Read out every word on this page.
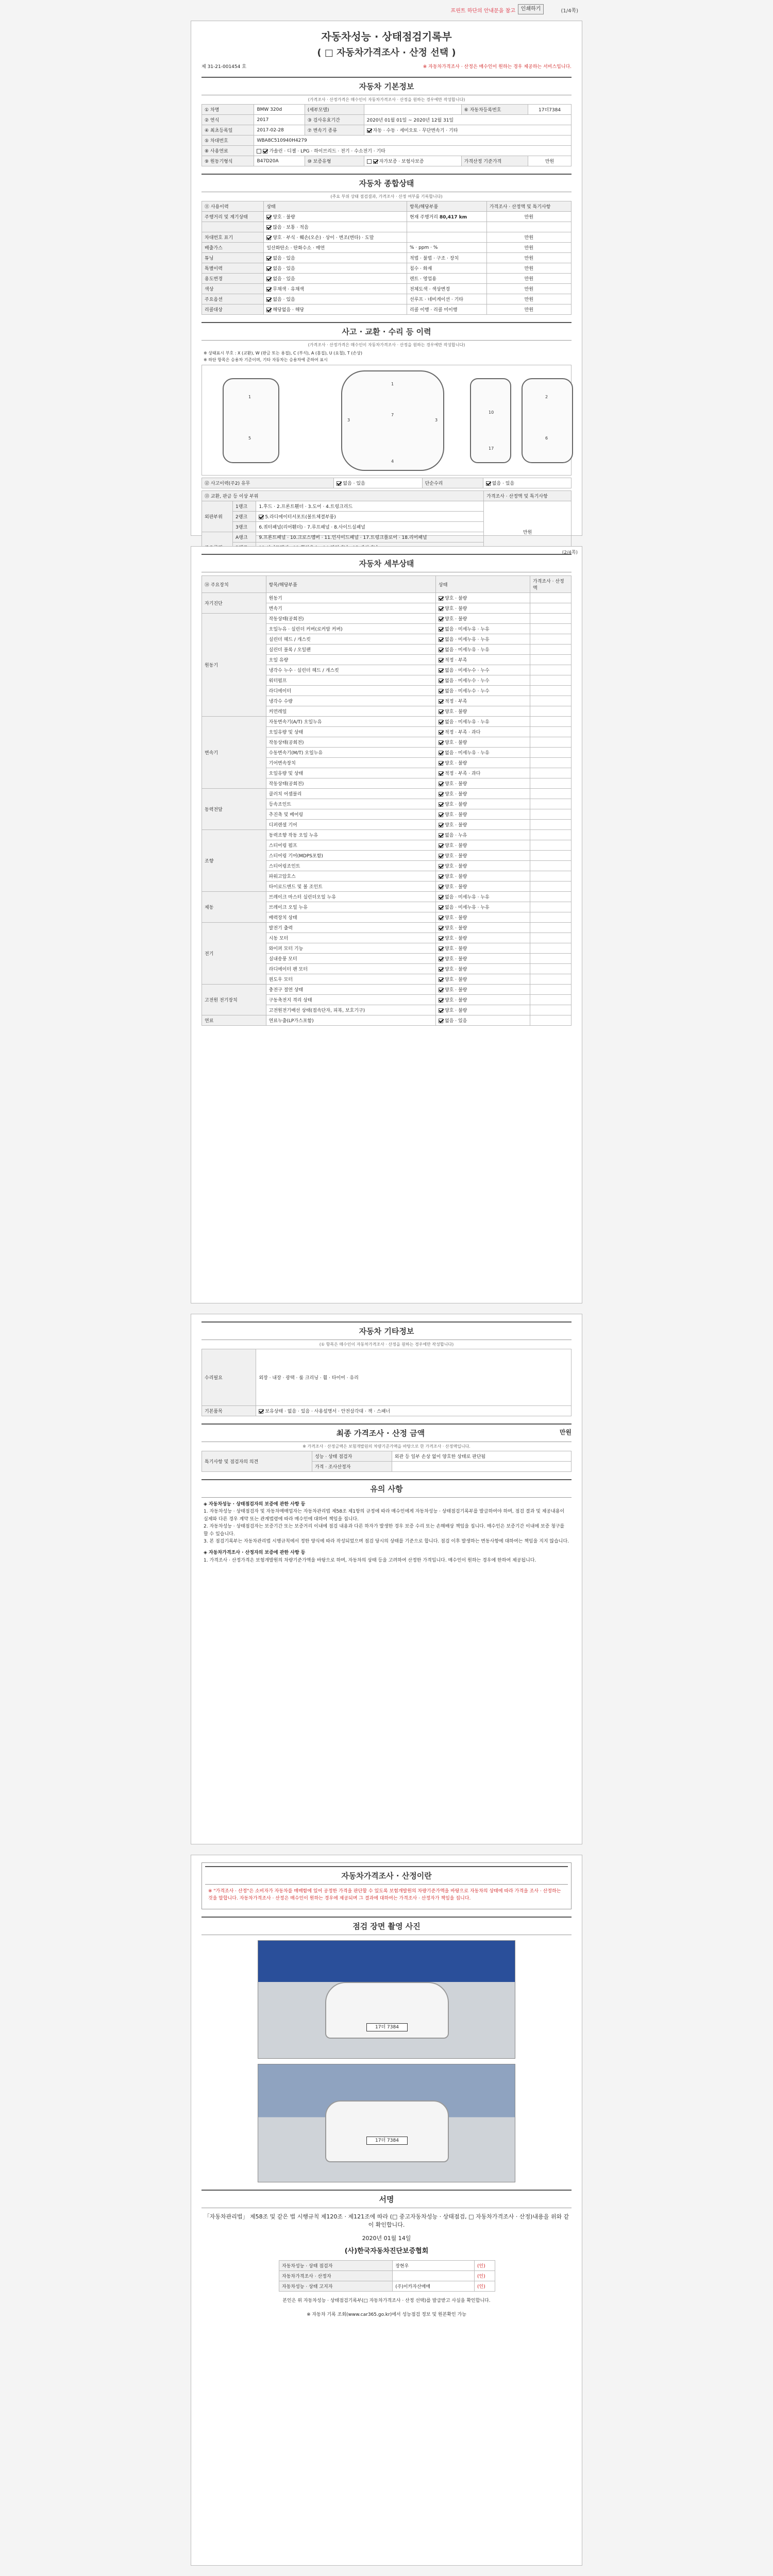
프린트 하단의 안내문을 참고	인쇄하기	(1/4쪽)
자동차성능 · 상태점검기록부
( □ 자동차가격조사 · 산정 선택 )
제 31-21-001454 호	※ 자동차가격조사 · 산정은 매수인이 원하는 경우 제공하는 서비스입니다.
자동차 기본정보
(가격조사 · 산정가격은 매수인이 자동차가격조사 · 산정을 원하는 경우에만 작성합니다)
① 차명	BMW 320d	(세부모델)		⑥ 자동차등록번호	17더7384
② 연식	2017	③ 검사유효기간	2020년 01월 01일 ~ 2020년 12월 31일		
④ 최초등록일	2017-02-28	⑦ 변속기 종류	자동 · 수동 · 세미오토 · 무단변속기 · 기타		
⑤ 차대번호	WBA8C510940H4279				
⑧ 사용연료	가솔린 · 디젤 · LPG · 하이브리드 · 전기 · 수소전기 · 기타				
⑨ 원동기형식	B47D20A	⑩ 보증유형	자가보증 · 보험사보증	가격산정 기준가격	만원
자동차 종합상태
(주요 부위 상태 점검결과, 가격조사 · 산정 여부를 기록합니다)
⑪ 사용이력	상태	항목/해당부품	가격조사 · 산정액 및 특기사항
주행거리 및 계기상태	양호 · 불량	현재 주행거리 80,417 km	만원
	많음 · 보통 · 적음		
차대번호 표기	양호 · 부식 · 훼손(오손) · 상이 · 변조(변타) · 도말		만원
배출가스	일산화탄소 · 탄화수소 · 매연	% · ppm · %	만원
튜닝	없음 · 있음	적법 · 불법 · 구조 · 장치	만원
특별이력	없음 · 있음	침수 · 화재	만원
용도변경	없음 · 있음	렌트 · 영업용	만원
색상	무채색 · 유채색	전체도색 · 색상변경	만원
주요옵션	없음 · 있음	선루프 · 네비게이션 · 기타	만원
리콜대상	해당없음 · 해당	리콜 이행 · 리콜 미이행	만원
사고 · 교환 · 수리 등 이력
(가격조사 · 산정가격은 매수인이 자동차가격조사 · 산정을 원하는 경우에만 작성합니다)
※ 상태표시 부호 : X (교환), W (판금 또는 용접), C (부식), A (흠집), U (요철), T (손상)
※ 하단 항목은 승용차 기준이며, 기타 자동차는 승용차에 준하여 표시
1
5
1
7
4
3	3
10
17
2
6
⑫ 사고이력(주2) 유무	없음 · 있음	단순수리	없음 · 있음
⑬ 교환, 판금 등 이상 부위			가격조사 · 산정액 및 특기사항
외판부위	1랭크	1.후드 · 2.프론트휀더 · 3.도어 · 4.트렁크리드	만원
	2랭크	5.라디에이터서포트(볼트체결부품)	
	3랭크	6.쿼터패널(리어휀더) · 7.루프패널 · 8.사이드실패널	
	A랭크	9.프론트패널 · 10.크로스멤버 · 11.인사이드패널 · 17.트렁크플로어 · 18.리어패널	

(2/4쪽)
자동차 세부상태
⑭ 주요장치	항목/해당부품	상태	가격조사 · 산정액
자기진단	원동기	양호 · 불량	
	변속기	양호 · 불량	
원동기	작동상태(공회전)	양호 · 불량	
	오일누유 · 실린더 커버(로커암 커버)	없음 · 미세누유 · 누유	
	실린더 헤드 / 개스킷	없음 · 미세누유 · 누유	
	실린더 블록 / 오일팬	없음 · 미세누유 · 누유	
	오일 유량	적정 · 부족	
	냉각수 누수 · 실린더 헤드 / 개스킷	없음 · 미세누수 · 누수	
	워터펌프	없음 · 미세누수 · 누수	
	라디에이터	없음 · 미세누수 · 누수	
	냉각수 수량	적정 · 부족	
	커먼레일	양호 · 불량	
변속기	자동변속기(A/T) 오일누유	없음 · 미세누유 · 누유	
	오일유량 및 상태	적정 · 부족 · 과다	
	작동상태(공회전)	양호 · 불량	
	수동변속기(M/T) 오일누유	없음 · 미세누유 · 누유	
	기어변속장치	양호 · 불량	
	오일유량 및 상태	적정 · 부족 · 과다	
	작동상태(공회전)	양호 · 불량	
동력전달	클러치 어셈블리	양호 · 불량	
	등속조인트	양호 · 불량	
	추진축 및 베어링	양호 · 불량	
	디퍼렌셜 기어	양호 · 불량	
조향	동력조향 작동 오일 누유	없음 · 누유	
	스티어링 펌프	양호 · 불량	
	스티어링 기어(MDPS포함)	양호 · 불량	
	스티어링조인트	양호 · 불량	
	파워고압호스	양호 · 불량	
	타이로드엔드 및 볼 조인트	양호 · 불량	
제동	브레이크 마스터 실린더오일 누유	없음 · 미세누유 · 누유	
	브레이크 오일 누유	없음 · 미세누유 · 누유	
	배력장치 상태	양호 · 불량	
전기	발전기 출력	양호 · 불량	
	시동 모터	양호 · 불량	
	와이퍼 모터 기능	양호 · 불량	
	실내송풍 모터	양호 · 불량	
	라디에이터 팬 모터	양호 · 불량	
	윈도우 모터	양호 · 불량	
고전원 전기장치	충전구 절연 상태	양호 · 불량	
	구동축전지 격리 상태	양호 · 불량	
	고전원전기배선 상태(접속단자, 피복, 보호기구)	양호 · 불량	
연료	연료누출(LP가스포함)	없음 · 있음	
자동차 기타정보
(① 항목은 매수인이 자동차가격조사 · 산정을 원하는 경우에만 작성합니다)
수리필요	외장 · 내장 · 광택 · 룸 크리닝 · 휠 · 타이어 · 유리
기본품목	보유상태 · 없음 · 있음 · 사용설명서 · 안전삼각대 · 잭 · 스패너
최종 가격조사 · 산정 금액	만원
※ 가격조사 · 산정금액은 보험개발원의 차량기준가액을 바탕으로 한 가격조사 · 산정액입니다.
특기사항 및 점검자의 의견	성능 · 상태 점검자	외관 등 일부 손상 없이 양호한 상태로 판단됨
	가격 · 조사산정자	
유의 사항

◈ 자동차성능 · 상태점검자의 보증에 관한 사항 등

1. 자동차성능 · 상태점검자 및 자동차매매업자는 자동차관리법 제58조 제1항의 규정에 따라 매수인에게 자동차성능 · 상태점검기록부를 발급하여야 하며, 점검 결과 및 제공내용이 실제와 다른 경우 계약 또는 관계법령에 따라 매수인에 대하여 책임을 집니다.

2. 자동차성능 · 상태점검자는 보증기간 또는 보증거리 이내에 점검 내용과 다른 하자가 발생한 경우 보증 수리 또는 손해배상 책임을 집니다. 매수인은 보증기간 이내에 보증 청구를 할 수 있습니다.

3. 본 점검기록부는 자동차관리법 시행규칙에서 정한 양식에 따라 작성되었으며 점검 당시의 상태를 기준으로 합니다. 점검 이후 발생하는 변동사항에 대하여는 책임을 지지 않습니다.

◈ 자동차가격조사 · 산정자의 보증에 관한 사항 등

1. 가격조사 · 산정가격은 보험개발원의 차량기준가액을 바탕으로 하며, 자동차의 상태 등을 고려하여 산정한 가격입니다. 매수인이 원하는 경우에 한하여 제공됩니다.

자동차가격조사 · 산정이란
※ "가격조사 · 산정"은 소비자가 자동차를 매매함에 있어 공정한 가격을 판단할 수 있도록 보험개발원의 차량기준가액을 바탕으로 자동차의 상태에 따라 가격을 조사 · 산정하는 것을 말합니다. 자동차가격조사 · 산정은 매수인이 원하는 경우에 제공되며 그 결과에 대하여는 가격조사 · 산정자가 책임을 집니다.
점검 장면 촬영 사진
17더 7384
17더 7384
서명
「자동차관리법」 제58조 및 같은 법 시행규칙 제120조 · 제121조에 따라 (□ 중고자동차성능 · 상태점검, □ 자동차가격조사 · 산정)내용을 위와 같이 확인합니다.
2020년 01월 14일
(사)한국자동차진단보증협회
자동차성능 · 상태 점검자	장현우	(인)
자동차가격조사 · 산정자		(인)
자동차성능 · 상태 고지자	(주)이카자산매매	(인)
본인은 위 자동차성능 · 상태점검기록부(□ 자동차가격조사 · 산정 선택)를 발급받고 사실을 확인합니다.
※ 자동차 기록 조회(www.car365.go.kr)에서 성능점검 정보 및 원본확인 가능
